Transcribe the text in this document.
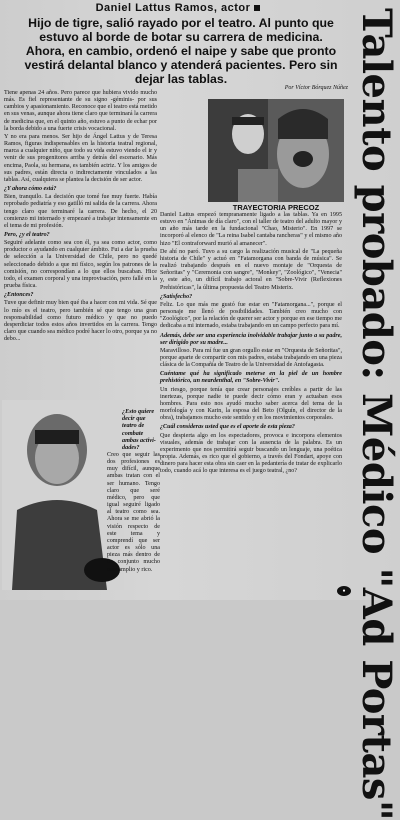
Daniel Lattus Ramos, actor
Hijo de tigre, salió rayado por el teatro. Al punto que estuvo al borde de botar su carrera de medicina. Ahora, en cambio, ordenó el naipe y sabe que pronto vestirá delantal blanco y atenderá pacientes. Pero sin dejar las tablas.
Por Víctor Bórquez Núñez Talento probado: Médico "Ad Portas"

Tiene apenas 24 años. Pero parece que hubiera vivido mucho más. Es fiel representante de su signo -géminis- por sus cambios y apasionamiento. Reconoce que el teatro está metido en sus venas, aunque ahora tiene claro que terminará la carrera de medicina que, en el quinto año, estuvo a punto de echar por la borda debido a una fuerte crisis vocacional.

Y no era para menos. Ser hijo de Ángel Lattus y de Teresa Ramos, figuras indispensables en la historia teatral regional, marca a cualquier niño, que todo su vida estuvo viendo el ir y venir de sus progenitores arriba y detrás del escenario. Más encima, Paola, su hermana, es también actriz. Y los amigos de sus padres, están directa o indirectamente vinculados a las tablas. Así, cualquiera se plantea la decisión de ser actor.

¿Y ahora cómo está?

Bien, tranquilo. La decisión que tomé fue muy fuerte. Había reprobado pediatría y eso gatilló mi salida de la carrera. Ahora tengo claro que terminaré la carrera. De hecho, el 20 comienzo mi internado y empezaré a trabajar intensamente en el tema de mi profesión.

Pero, ¿y el teatro?

Seguiré adelante como sea con él, ya sea como actor, como productor o ayudando en cualquier ámbito. Fui a dar la prueba de selección a la Universidad de Chile, pero no quedé seleccionado debido a que mi físico, según los patrones de la comisión, no correspondían a lo que ellos buscaban. Hice todo, el examen corporal y una improvisación, pero fallé en la prueba física.

¿Entonces?

Tuve que definir muy bien qué iba a hacer con mi vida. Sé que lo mío es el teatro, pero también sé que tengo una gran responsabilidad como futuro médico y que no puedo desperdiciar todos estos años invertidos en la carrera. Tengo claro que cuando sea médico podré hacer lo otro, porque ya no debo...

TRAYECTORIA PRECOZ

Daniel Lattus empezó tempranamente ligado a las tablas. Ya en 1995 estuvo en "Ánimas de día claro", con el taller de teatro del adulto mayor y un año más tarde en la fundacional "Chao, Misterio". En 1997 se incorporó al elenco de "La reina Isabel cantaba rancheras" y el mismo año hizo "El contraforward murió al amanecer".

De ahí no paró. Tuvo a su cargo la realización musical de "La pequeña historia de Chile" y actuó en "Fatamorgana con banda de música". Se realizó trabajando después en el nuevo montaje de "Orquesta de Señoritas" y "Ceremonia con sangre", "Monkey", "Zoológico", "Venecia" y, este año, un difícil trabajo actoral en "Sobre-Vivir (Reflexiones Prehistóricas", la última propuesta del Teatro Misterix.

¿Satisfecho?

Feliz. Lo que más me gustó fue estar en "Fatamorgana...", porque el personaje me llenó de posibilidades. También creo mucho con "Zoológico", por la relación de querer ser actor y porque en ese tiempo me dedicaba a mi internado, estaba trabajando en un campo perfecto para mí.

Además, debe ser una experiencia inolvidable trabajar junto a su padre, ser dirigido por su madre...

Maravilloso. Para mí fue un gran orgullo estar en "Orquesta de Señoritas", porque aparte de compartir con mis padres, estaba trabajando en una pieza clásica de la Compañía de Teatro de la Universidad de Antofagasta.

Cuéntame qué ha significado meterse en la piel de un hombre prehistórico, un neardenthal, en "Sobre-Vivir".

Un riesgo, porque tenía que crear personajes creíbles a partir de las inertezas, porque nadie te puede decir cómo eran y actuaban esos hombres. Para esto nos ayudó mucho saber acerca del tema de la morfología y con Karin, la esposa del Beto (Olguín, el director de la obra), trabajamos mucho este sentido y en los movimientos corporales.

¿Cuál consideras usted que es el aporte de esta pieza?

Que despierta algo en los espectadores, provoca e incorpora elementos visuales, además de trabajar con la ausencia de la palabra. Es un experimento que nos permitirá seguir buscando un lenguaje, una poética propia. Además, es rico que el gobierno, a través del Fondart, apoye con dinero para hacer esta obra sin caer en la pedantería de tratar de explicarlo todo, cuando acá lo que interesa es el juego teatral, ¿no?

¿Esto quiere decir que teatro de combate ambas activi- dades?
Creo que seguir las dos profesiones es muy difícil, aunque ambas tratan con el ser humano. Tengo claro que seré médico, pero que igual seguiré ligado al teatro como sea. Ahora se me abrió la visión respecto de este tema y comprendí que ser actor es sólo una pieza más dentro de un conjunto mucho más amplio y rico.
●
